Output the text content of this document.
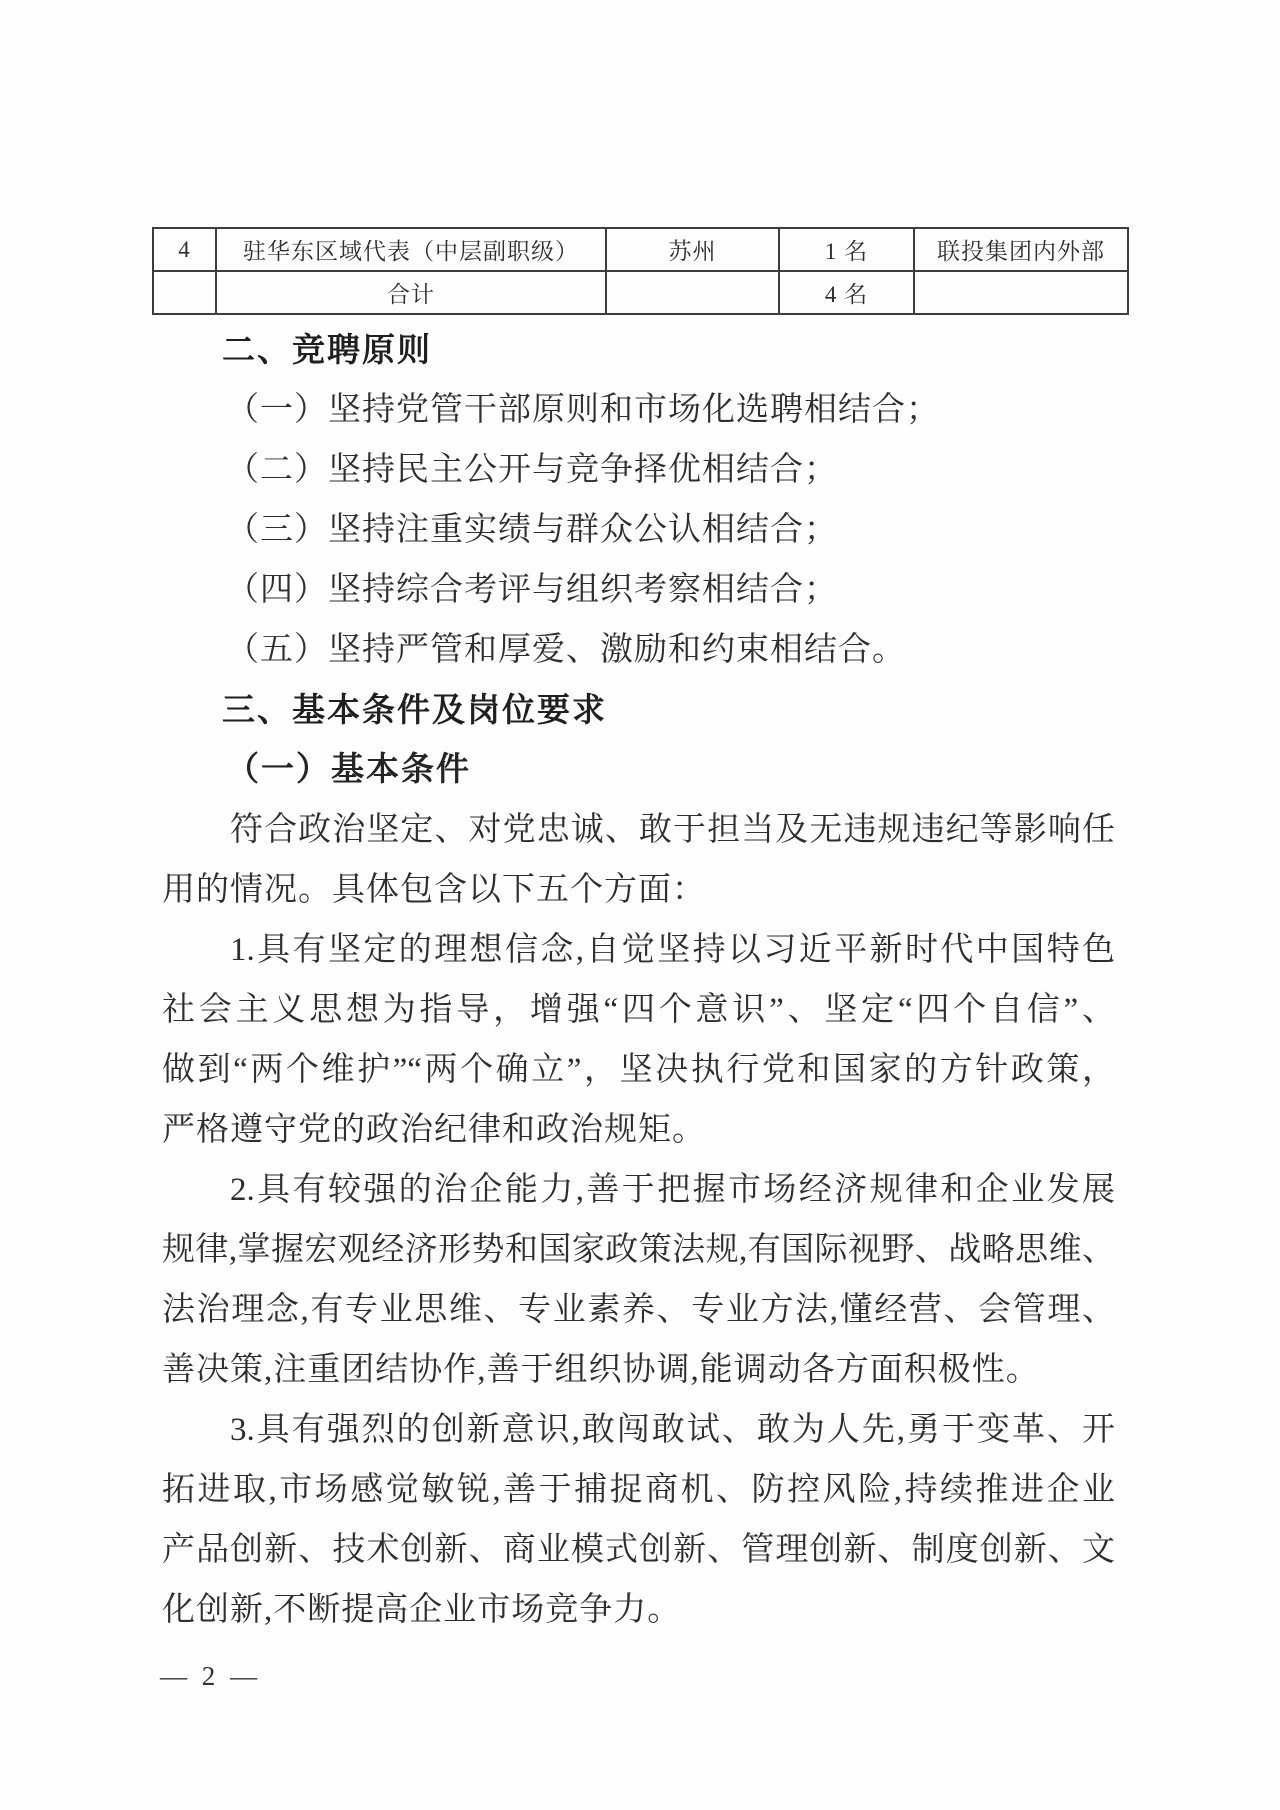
4	驻华东区域代表（中层副职级）	苏州	1 名	联投集团内外部
	合计		4 名	
二、竞聘原则
（一）坚持党管干部原则和市场化选聘相结合；
（二）坚持民主公开与竞争择优相结合；
（三）坚持注重实绩与群众公认相结合；
（四）坚持综合考评与组织考察相结合；
（五）坚持严管和厚爱、激励和约束相结合。
三、基本条件及岗位要求
（一）基本条件
符合政治坚定、对党忠诚、敢于担当及无违规违纪等影响任
用的情况。具体包含以下五个方面：
1.具有坚定的理想信念,自觉坚持以习近平新时代中国特色
社会主义思想为指导，增强“四个意识”、坚定“四个自信”、
做到“两个维护”“两个确立”，坚决执行党和国家的方针政策，
严格遵守党的政治纪律和政治规矩。
2.具有较强的治企能力,善于把握市场经济规律和企业发展
规律,掌握宏观经济形势和国家政策法规,有国际视野、战略思维、
法治理念,有专业思维、专业素养、专业方法,懂经营、会管理、
善决策,注重团结协作,善于组织协调,能调动各方面积极性。
3.具有强烈的创新意识,敢闯敢试、敢为人先,勇于变革、开
拓进取,市场感觉敏锐,善于捕捉商机、防控风险,持续推进企业
产品创新、技术创新、商业模式创新、管理创新、制度创新、文
化创新,不断提高企业市场竞争力。
— 2 —
